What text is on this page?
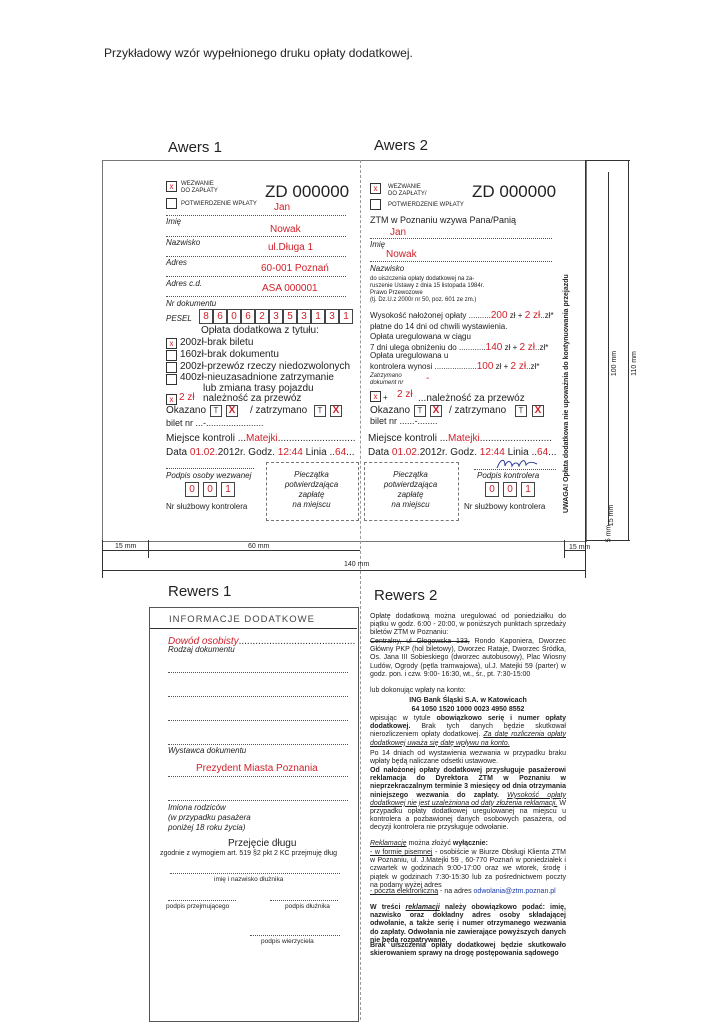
Przykładowy wzór wypełnionego druku opłaty dodatkowej.
Awers 1	Awers 2
Rewers 1	Rewers 2
x	WEZWANIE
DO ZAPŁATY
POTWIERDZENIE WPŁATY
ZD 000000
Jan
Imię
Nowak
Nazwisko	ul.Długa 1
Adres
60-001 Poznań
Adres c.d.	ASA 000001
Nr dokumentu
PESEL	8 6 0 6 2 3 5 3 1 3 1
Opłata dodatkowa z tytułu:
x 200zł-brak biletu
160zł-brak dokumentu
200zł-przewóz rzeczy niedozwolonych
400zł-nieuzasadnione zatrzymanie
lub zmiana trasy pojazdu
x 2 zł należność za przewóz
Okazano T	X / zatrzymano	T	X
bilet nr ...-.......................
Miejsce kontroli ...Matejki............................
Data 01.02.2012r. Godz. 12:44 Linia ..64...
Podpis osoby wezwanej
0	0	1
Nr służbowy kontrolera
Pieczątka
potwierdzająca
zapłatę
na miejscu
x	WEZWANIE
DO ZAPŁATY/
POTWIERDZENIE WPŁATY
ZD 000000
ZTM w Poznaniu wzywa Pana/Panią
Jan
Imię
Nowak
Nazwisko
do uiszczenia opłaty dodatkowej na za-
ruszenie Ustawy z dnia 15 listopada 1984r.
Prawo Przewozowe
(tj. Dz.U.z 2000r nr 50, poz. 601 ze zm.)
Wysokość nałożonej opłaty ..........200 zł + 2 zł..zł*
płatne do 14 dni od chwili wystawienia.
Opłata uregulowana w ciągu
7 dni ulega obniżeniu do ............140 zł + 2 zł..zł*
Opłata uregulowana u
kontrolera wynosi ...................100 zł + 2 zł..zł*
Zatrzymano
dokument nr -
x + 2 zł ...należność za przewóz
Okazano T	X / zatrzymano	T	X
bilet nr ......-........
Miejsce kontroli ...Matejki..........................
Data 01.02.2012r. Godz. 12:44 Linia ..64...
Pieczątka
potwierdzająca
zapłatę
na miejscu
Podpis kontrolera
0	0	1
Nr służbowy kontrolera	UWAGA! Opłata dodatkowa nie upoważnia do kontynuowania przejazdu	100 mm 110 mm
5 mm
15 mm
15 mm	60 mm	15 mm
140 mm
INFORMACJE DODATKOWE
Dowód osobisty..........................................
Rodzaj dokumentu
Wystawca dokumentu
Prezydent Miasta Poznania
Imiona rodziców
(w przypadku pasażera
poniżej 18 roku życia)
Przejęcie długu
zgodnie z wymogiem art. 519 §2 pkt 2 KC przejmuję dług
imię i nazwisko dłużnika
podpis przejmującego	podpis dłużnika
podpis wierzyciela
Opłatę dodatkową można uregulować od poniedziałku do piątku w godz. 6:00 - 20:00, w poniższych punktach sprzedaży biletów ZTM w Poznaniu:
Centralny, ul Głogowska 133, Rondo Kaponiera, Dworzec Główny PKP (hol biletowy), Dworzec Rataje, Dworzec Śródka, Os. Jana III Sobieskiego (dworzec autobusowy), Plac Wiosny Ludów, Ogrody (pętla tramwajowa), ul.J. Matejki 59 (parter) w godz. pon. i czw. 9:00- 16:30, wt., śr., pt. 7:30-15:00
lub dokonując wpłaty na konto:
ING Bank Śląski S.A. w Katowicach
64 1050 1520 1000 0023 4950 8552
wpisując w tytule obowiązkowo serię i numer opłaty dodatkowej. Brak tych danych będzie skutkował nierozliczeniem opłaty dodatkowej. Za datę rozliczenia opłaty dodatkowej uważa się datę wpływu na konto.
Po 14 dniach od wystawienia wezwania w przypadku braku wpłaty będą naliczane odsetki ustawowe.
Od nałożonej opłaty dodatkowej przysługuje pasażerowi reklamacja do Dyrektora ZTM w Poznaniu w nieprzekraczalnym terminie 3 miesięcy od dnia otrzymania niniejszego wezwania do zapłaty. Wysokość opłaty dodatkowej nie jest uzależniona od daty złożenia reklamacji. W przypadku opłaty dodatkowej uregulowanej na miejscu u kontrolera a pozbawionej danych osobowych pasażera, od decyzji kontrolera nie przysługuje odwołanie.
Reklamację można złożyć wyłącznie:
- w formie pisemnej - osobiście w Biurze Obsługi Klienta ZTM w Poznaniu, ul. J.Matejki 59 , 60-770 Poznań w poniedziałek i czwartek w godzinach 9:00-17:00 oraz we wtorek, środę i piątek w godzinach 7:30-15:30 lub za pośrednictwem poczty na podany wyżej adres
- poczta elektroniczną - na adres odwolania@ztm.poznan.pl
W treści reklamacji należy obowiązkowo podać: imię, nazwisko oraz dokładny adres osoby składającej odwołanie, a także serię i numer otrzymanego wezwania do zapłaty. Odwołania nie zawierające powyższych danych nie będą rozpatrywane.
Brak uiszczenia opłaty dodatkowej będzie skutkowało skierowaniem sprawy na drogę postępowania sądowego
